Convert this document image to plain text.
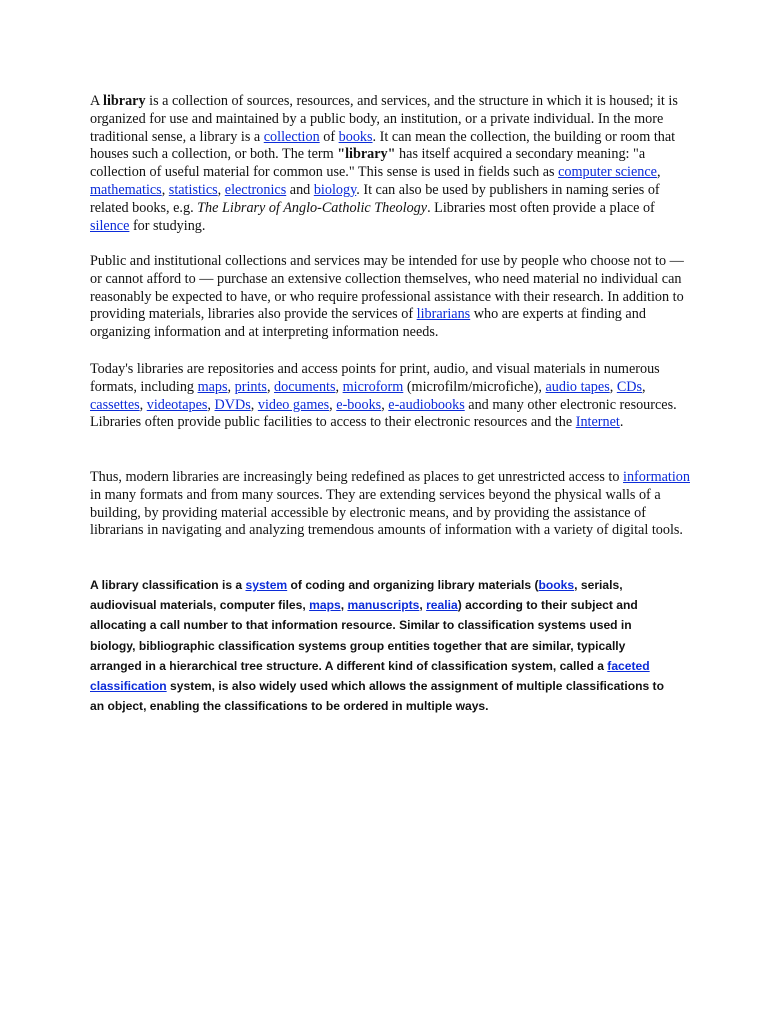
A library is a collection of sources, resources, and services, and the structure in which it is housed; it is organized for use and maintained by a public body, an institution, or a private individual. In the more traditional sense, a library is a collection of books. It can mean the collection, the building or room that houses such a collection, or both. The term "library" has itself acquired a secondary meaning: "a collection of useful material for common use." This sense is used in fields such as computer science, mathematics, statistics, electronics and biology. It can also be used by publishers in naming series of related books, e.g. The Library of Anglo-Catholic Theology. Libraries most often provide a place of silence for studying.

Public and institutional collections and services may be intended for use by people who choose not to — or cannot afford to — purchase an extensive collection themselves, who need material no individual can reasonably be expected to have, or who require professional assistance with their research. In addition to providing materials, libraries also provide the services of librarians who are experts at finding and organizing information and at interpreting information needs.

Today's libraries are repositories and access points for print, audio, and visual materials in numerous formats, including maps, prints, documents, microform (microfilm/microfiche), audio tapes, CDs, cassettes, videotapes, DVDs, video games, e-books, e-audiobooks and many other electronic resources. Libraries often provide public facilities to access to their electronic resources and the Internet.

Thus, modern libraries are increasingly being redefined as places to get unrestricted access to information in many formats and from many sources. They are extending services beyond the physical walls of a building, by providing material accessible by electronic means, and by providing the assistance of librarians in navigating and analyzing tremendous amounts of information with a variety of digital tools.

A library classification is a system of coding and organizing library materials (books, serials, audiovisual materials, computer files, maps, manuscripts, realia) according to their subject and allocating a call number to that information resource. Similar to classification systems used in biology, bibliographic classification systems group entities together that are similar, typically arranged in a hierarchical tree structure. A different kind of classification system, called a faceted classification system, is also widely used which allows the assignment of multiple classifications to an object, enabling the classifications to be ordered in multiple ways.
